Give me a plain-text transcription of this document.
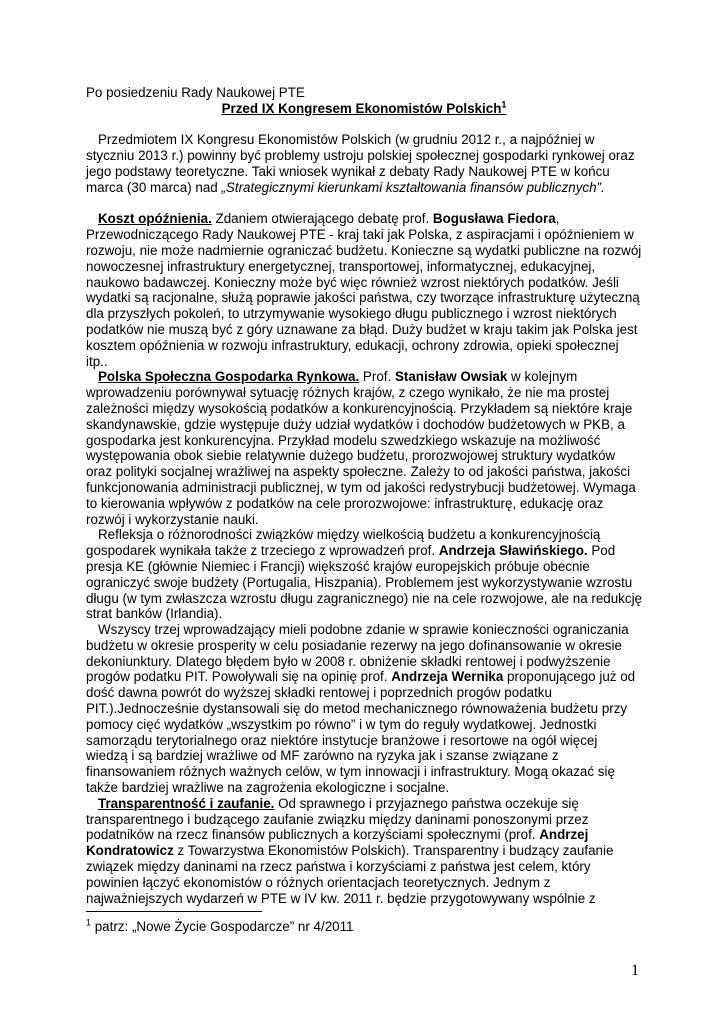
Po posiedzeniu Rady Naukowej PTE

Przed IX Kongresem Ekonomistów Polskich$^1$

Przedmiotem IX Kongresu Ekonomistów Polskich (w grudniu 2012 r., a najpóźniej w styczniu 2013 r.) powinny być problemy ustroju polskiej społecznej gospodarki rynkowej oraz jego podstawy teoretyczne. Taki wniosek wynikał z debaty Rady Naukowej PTE w końcu marca (30 marca) nad „Strategicznymi kierunkami kształtowania finansów publicznych”.

Koszt opóźnienia. Zdaniem otwierającego debatę prof. Bogusława Fiedora, Przewodniczącego Rady Naukowej PTE - kraj taki jak Polska, z aspiracjami i opóźnieniem w rozwoju, nie może nadmiernie ograniczać budżetu. Konieczne są wydatki publiczne na rozwój nowoczesnej infrastruktury energetycznej, transportowej, informatycznej, edukacyjnej, naukowo badawczej. Konieczny może być więc również wzrost niektórych podatków. Jeśli wydatki są racjonalne, służą poprawie jakości państwa, czy tworzące infrastrukturę użyteczną dla przyszłych pokoleń, to utrzymywanie wysokiego długu publicznego i wzrost niektórych podatków nie muszą być z góry uznawane za błąd. Duży budżet w kraju takim jak Polska jest kosztem opóźnienia w rozwoju infrastruktury, edukacji, ochrony zdrowia, opieki społecznej itp..

Polska Społeczna Gospodarka Rynkowa. Prof. Stanisław Owsiak w kolejnym wprowadzeniu porównywał sytuację różnych krajów, z czego wynikało, że nie ma prostej zależności między wysokością podatków a konkurencyjnością. Przykładem są niektóre kraje skandynawskie, gdzie występuje duży udział wydatków i dochodów budżetowych w PKB, a gospodarka jest konkurencyjna. Przykład modelu szwedzkiego wskazuje na możliwość występowania obok siebie relatywnie dużego budżetu, prorozwojowej struktury wydatków oraz polityki socjalnej wrażliwej na aspekty społeczne. Zależy to od jakości państwa, jakości funkcjonowania administracji publicznej, w tym od jakości redystrybucji budżetowej. Wymaga to kierowania wpływów z podatków na cele prorozwojowe: infrastrukturę, edukację oraz rozwój i wykorzystanie nauki.

Refleksja o różnorodności związków między wielkością budżetu a konkurencyjnością gospodarek wynikała także z trzeciego z wprowadzeń prof. Andrzeja Sławińskiego. Pod presja KE (głównie Niemiec i Francji) większość krajów europejskich próbuje obecnie ograniczyć swoje budżety (Portugalia, Hiszpania). Problemem jest wykorzystywanie wzrostu długu (w tym zwłaszcza wzrostu długu zagranicznego) nie na cele rozwojowe, ale na redukcję strat banków (Irlandia).

Wszyscy trzej wprowadzający mieli podobne zdanie w sprawie konieczności ograniczania budżetu w okresie prosperity w celu posiadanie rezerwy na jego dofinansowanie w okresie dekoniunktury. Dlatego błędem było w 2008 r. obniżenie składki rentowej i podwyższenie progów podatku PIT. Powoływali się na opinię prof. Andrzeja Wernika proponującego już od dość dawna powrót do wyższej składki rentowej i poprzednich progów podatku PIT.).Jednocześnie dystansowali się do metod mechanicznego równoważenia budżetu przy pomocy cięć wydatków „wszystkim po równo” i w tym do reguły wydatkowej. Jednostki samorządu terytorialnego oraz niektóre instytucje branżowe i resortowe na ogół więcej wiedzą i są bardziej wrażliwe od MF zarówno na ryzyka jak i szanse związane z finansowaniem różnych ważnych celów, w tym innowacji i infrastruktury. Mogą okazać się także bardziej wrażliwe na zagrożenia ekologiczne i socjalne.

Transparentność i zaufanie. Od sprawnego i przyjaznego państwa oczekuje się transparentnego i budzącego zaufanie związku między daninami ponoszonymi przez podatników na rzecz finansów publicznych a korzyściami społecznymi (prof. Andrzej Kondratowicz z Towarzystwa Ekonomistów Polskich). Transparentny i budzący zaufanie związek między daninami na rzecz państwa i korzyściami z państwa jest celem, który powinien łączyć ekonomistów o różnych orientacjach teoretycznych. Jednym z najważniejszych wydarzeń w PTE w IV kw. 2011 r. będzie przygotowywany wspólnie z

$^1$ patrz: „Nowe Życie Gospodarcze” nr 4/2011

1
